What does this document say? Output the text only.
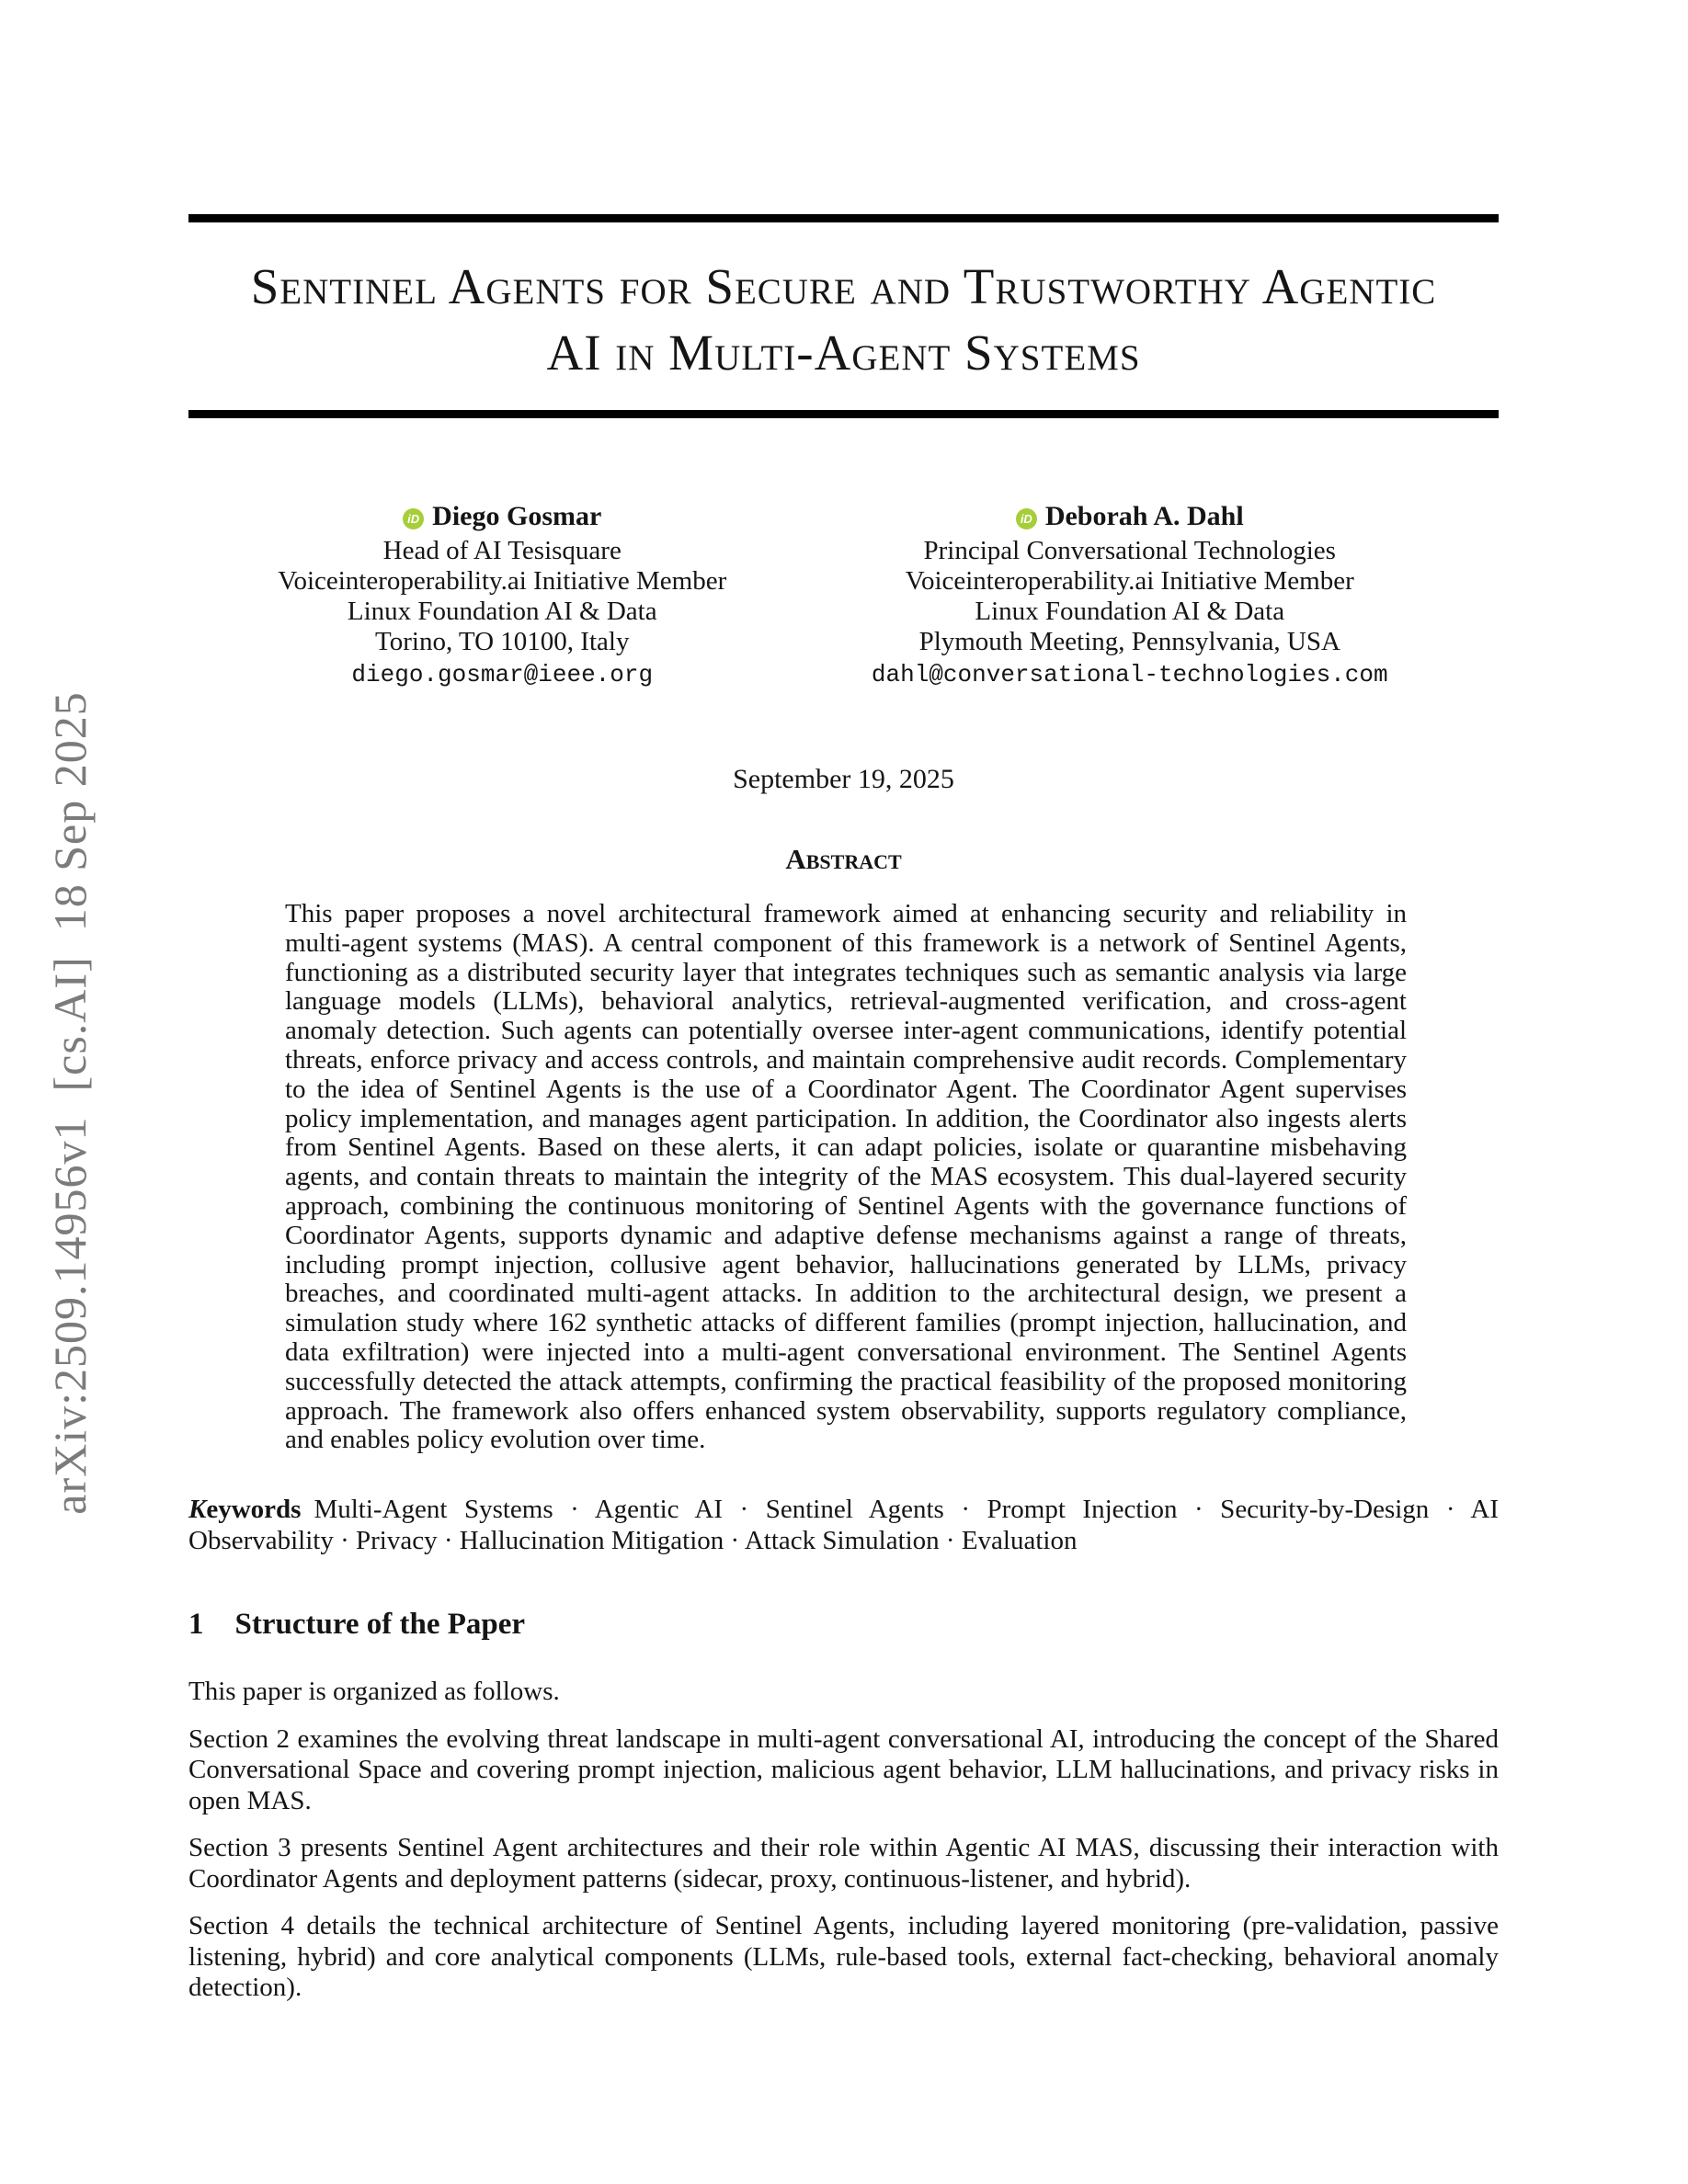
arXiv:2509.14956v1  [cs.AI]  18 Sep 2025
Sentinel Agents for Secure and Trustworthy Agentic
AI in Multi-Agent Systems
iD Diego Gosmar
Head of AI Tesisquare
Voiceinteroperability.ai Initiative Member
Linux Foundation AI & Data
Torino, TO 10100, Italy
diego.gosmar@ieee.org
iD Deborah A. Dahl
Principal Conversational Technologies
Voiceinteroperability.ai Initiative Member
Linux Foundation AI & Data
Plymouth Meeting, Pennsylvania, USA
dahl@conversational-technologies.com
September 19, 2025
Abstract
This paper proposes a novel architectural framework aimed at enhancing security and reliability in multi-agent systems (MAS). A central component of this framework is a network of Sentinel Agents, functioning as a distributed security layer that integrates techniques such as semantic analysis via large language models (LLMs), behavioral analytics, retrieval-augmented verification, and cross-agent anomaly detection. Such agents can potentially oversee inter-agent communications, identify potential threats, enforce privacy and access controls, and maintain comprehensive audit records. Complementary to the idea of Sentinel Agents is the use of a Coordinator Agent. The Coordinator Agent supervises policy implementation, and manages agent participation. In addition, the Coordinator also ingests alerts from Sentinel Agents. Based on these alerts, it can adapt policies, isolate or quarantine misbehaving agents, and contain threats to maintain the integrity of the MAS ecosystem. This dual-layered security approach, combining the continuous monitoring of Sentinel Agents with the governance functions of Coordinator Agents, supports dynamic and adaptive defense mechanisms against a range of threats, including prompt injection, collusive agent behavior, hallucinations generated by LLMs, privacy breaches, and coordinated multi-agent attacks. In addition to the architectural design, we present a simulation study where 162 synthetic attacks of different families (prompt injection, hallucination, and data exfiltration) were injected into a multi-agent conversational environment. The Sentinel Agents successfully detected the attack attempts, confirming the practical feasibility of the proposed monitoring approach. The framework also offers enhanced system observability, supports regulatory compliance, and enables policy evolution over time.
Keywords Multi-Agent Systems · Agentic AI · Sentinel Agents · Prompt Injection · Security-by-Design · AI Observability · Privacy · Hallucination Mitigation · Attack Simulation · Evaluation
1 Structure of the Paper

This paper is organized as follows.

Section 2 examines the evolving threat landscape in multi-agent conversational AI, introducing the concept of the Shared Conversational Space and covering prompt injection, malicious agent behavior, LLM hallucinations, and privacy risks in open MAS.

Section 3 presents Sentinel Agent architectures and their role within Agentic AI MAS, discussing their interaction with Coordinator Agents and deployment patterns (sidecar, proxy, continuous-listener, and hybrid).

Section 4 details the technical architecture of Sentinel Agents, including layered monitoring (pre-validation, passive listening, hybrid) and core analytical components (LLMs, rule-based tools, external fact-checking, behavioral anomaly detection).
